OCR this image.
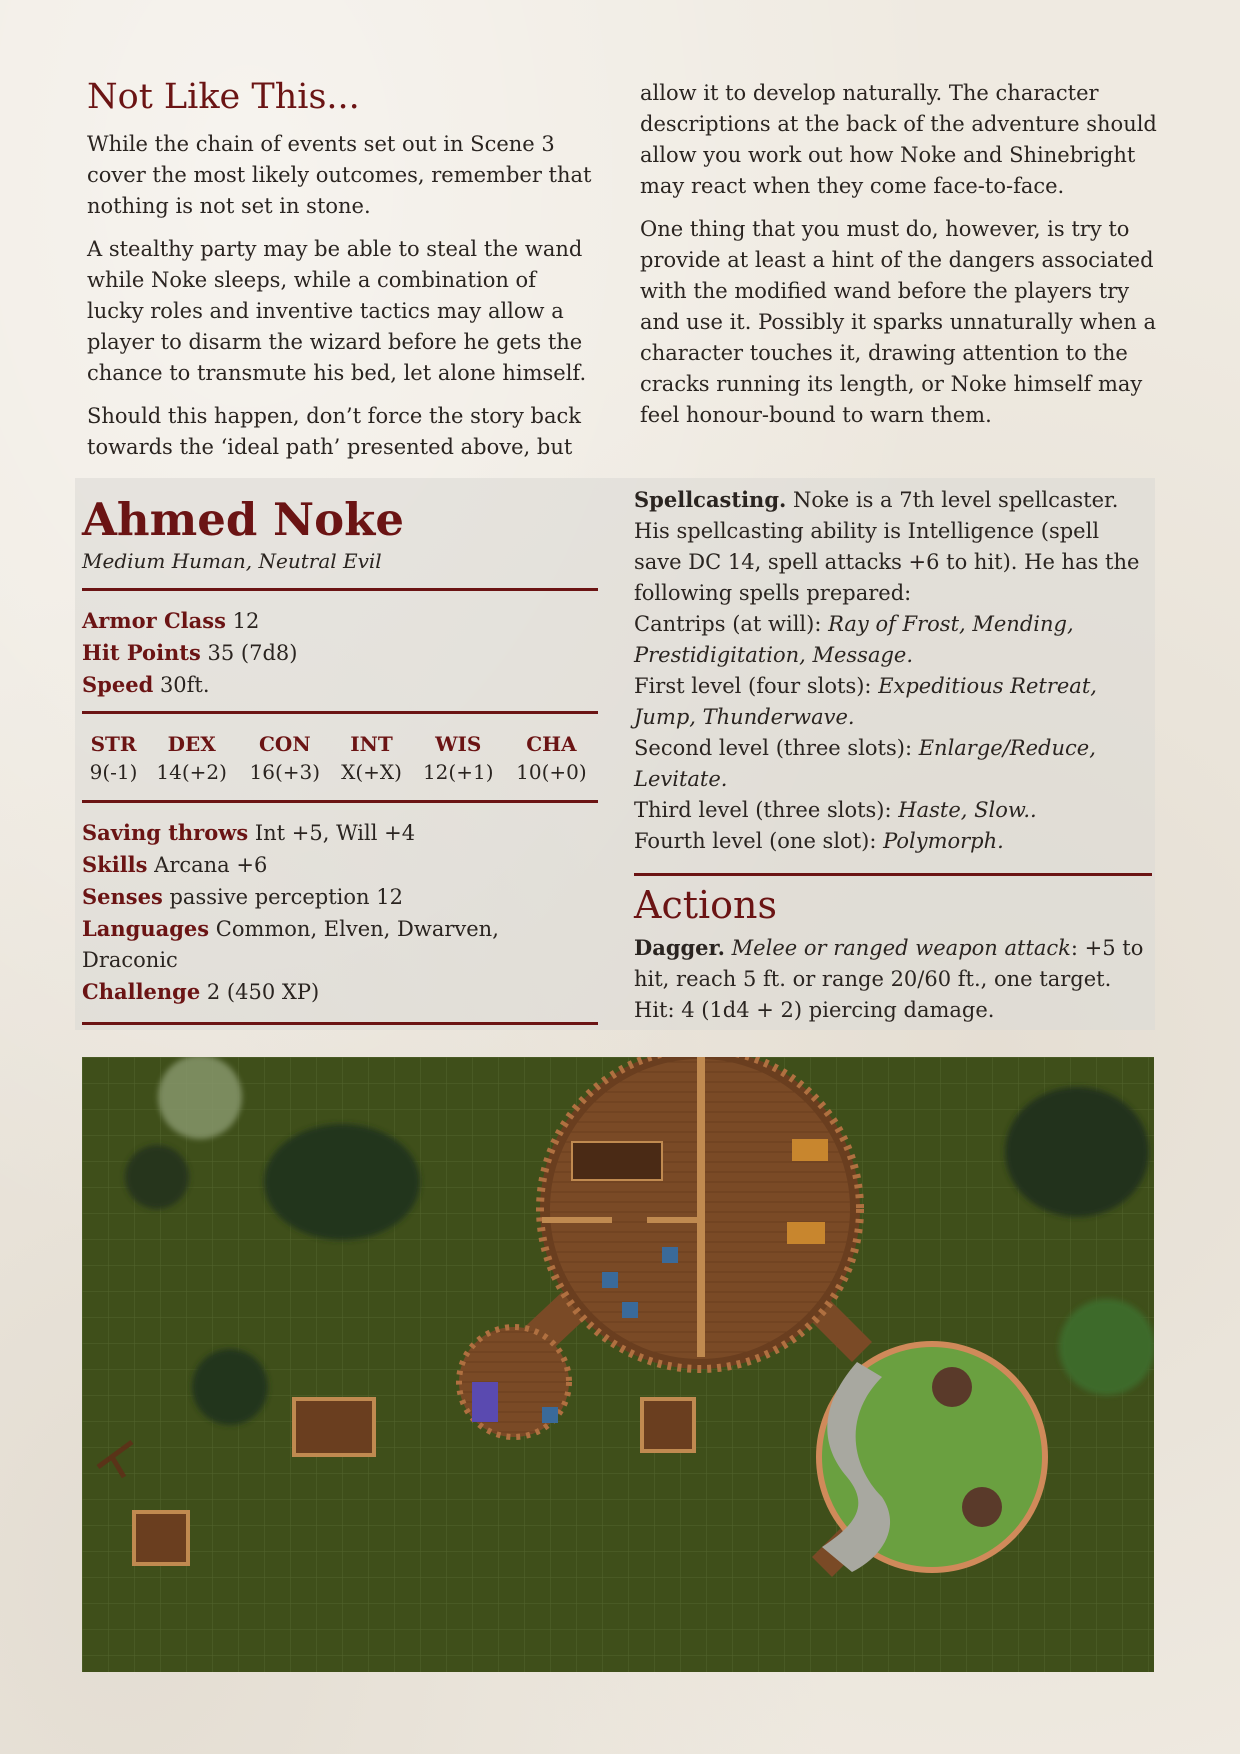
Not Like This...

While the chain of events set out in Scene 3 cover the most likely outcomes, remember that nothing is not set in stone.

A stealthy party may be able to steal the wand while Noke sleeps, while a combination of lucky roles and inventive tactics may allow a player to disarm the wizard before he gets the chance to transmute his bed, let alone himself.

Should this happen, don’t force the story back towards the ‘ideal path’ presented above, but

allow it to develop naturally. The character descriptions at the back of the adventure should allow you work out how Noke and Shinebright may react when they come face-to-face.

One thing that you must do, however, is try to provide at least a hint of the dangers associated with the modified wand before the players try and use it. Possibly it sparks unnaturally when a character touches it, drawing attention to the cracks running its length, or Noke himself may feel honour-bound to warn them.

Ahmed Noke
Medium Human, Neutral Evil
Armor Class 12
Hit Points 35 (7d8)
Speed 30ft.
STR	DEX	CON	INT	WIS	CHA
9(-1)	14(+2)	16(+3)	X(+X)	12(+1)	10(+0)
Saving throws Int +5, Will +4
Skills Arcana +6
Senses passive perception 12
Languages Common, Elven, Dwarven, Draconic
Challenge 2 (450 XP)
Spellcasting. Noke is a 7th level spellcaster. His spellcasting ability is Intelligence (spell save DC 14, spell attacks +6 to hit). He has the following spells prepared:
Cantrips (at will): Ray of Frost, Mending, Prestidigitation, Message.
First level (four slots): Expeditious Retreat, Jump, Thunderwave.
Second level (three slots): Enlarge/Reduce, Levitate.
Third level (three slots): Haste, Slow..
Fourth level (one slot): Polymorph.
Actions
Dagger. Melee or ranged weapon attack: +5 to hit, reach 5 ft. or range 20/60 ft., one target. Hit: 4 (1d4 + 2) piercing damage.
